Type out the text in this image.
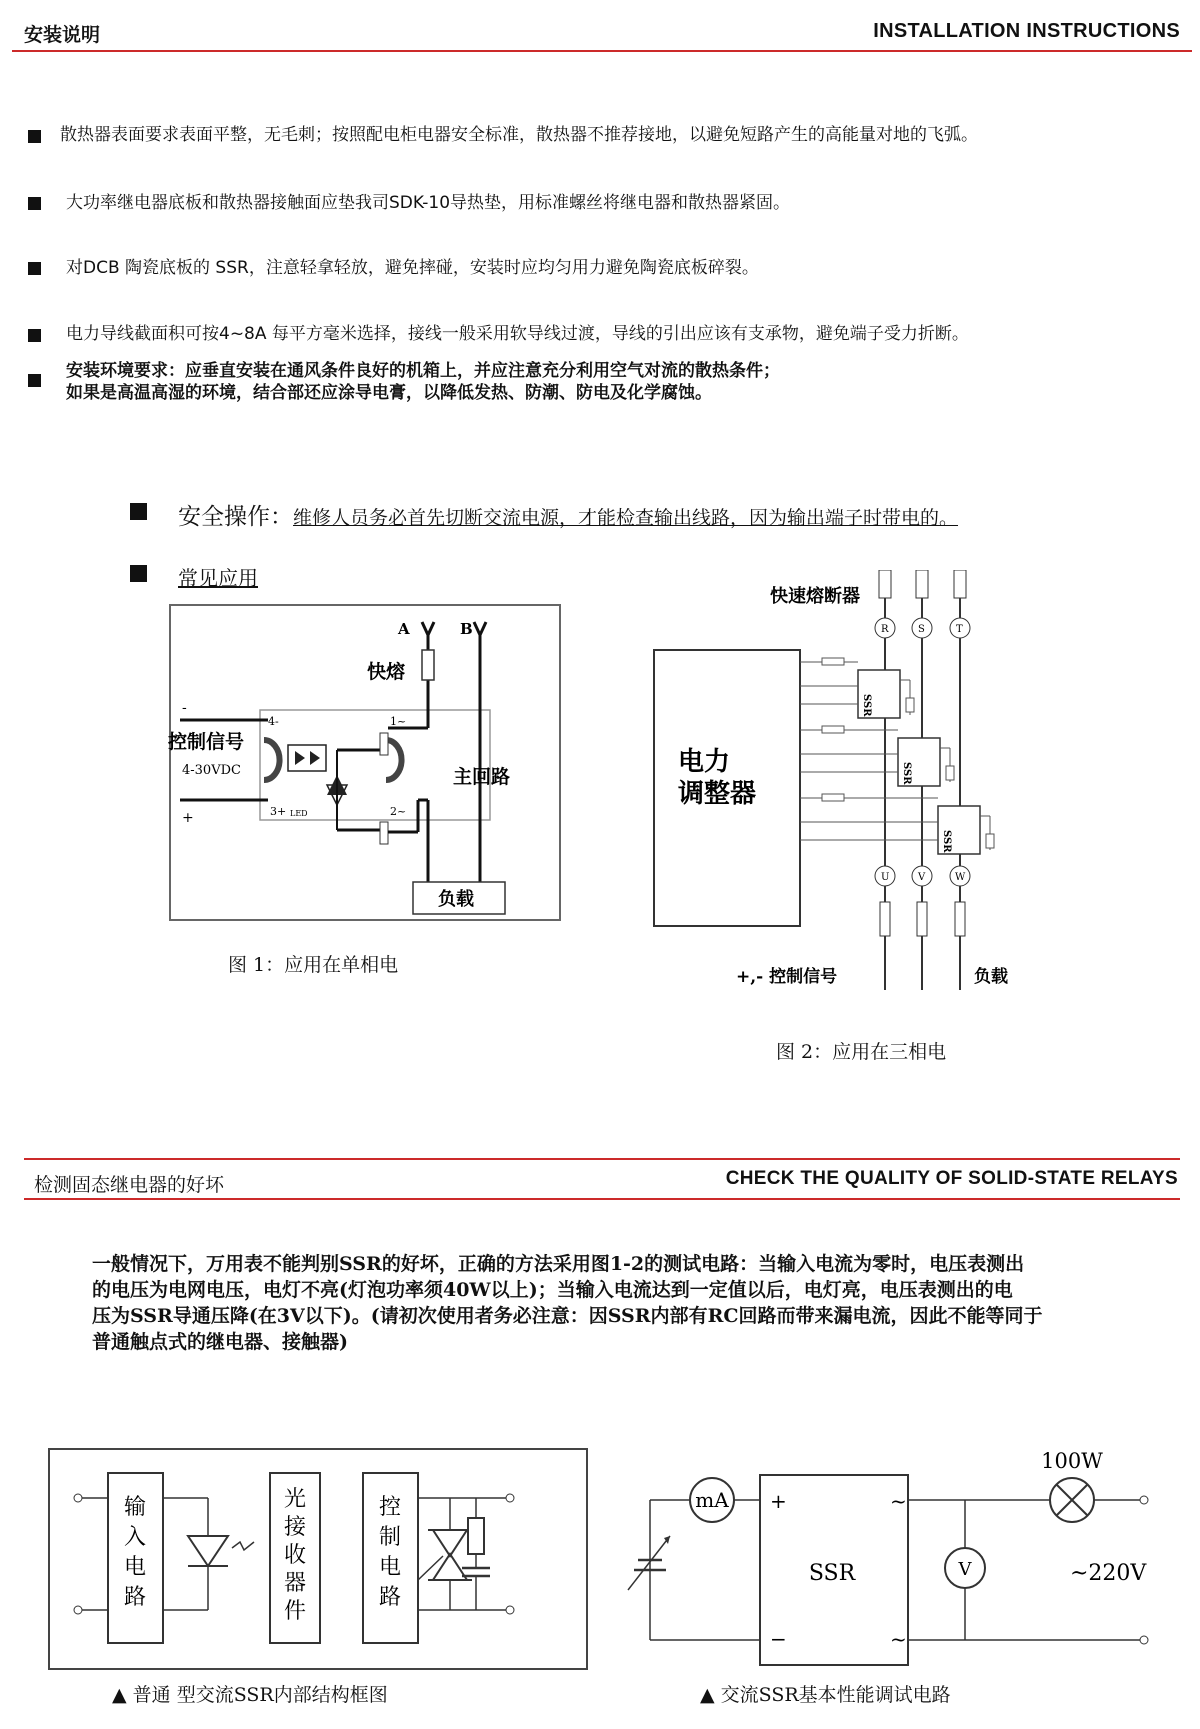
安装说明	INSTALLATION INSTRUCTIONS
散热器表面要求表面平整，无毛刺；按照配电柜电器安全标准，散热器不推荐接地，以避免短路产生的高能量对地的飞弧。
大功率继电器底板和散热器接触面应垫我司SDK-10导热垫，用标准螺丝将继电器和散热器紧固。
对DCB 陶瓷底板的 SSR，注意轻拿轻放，避免摔碰，安装时应均匀用力避免陶瓷底板碎裂。
电力导线截面积可按4~8A 每平方毫米选择，接线一般采用软导线过渡，导线的引出应该有支承物，避免端子受力折断。
安装环境要求：应垂直安装在通风条件良好的机箱上，并应注意充分利用空气对流的散热条件；
如果是高温高湿的环境，结合部还应涂导电膏，以降低发热、防潮、防电及化学腐蚀。
安全操作：维修人员务必首先切断交流电源，才能检查输出线路，因为输出端子时带电的。
常见应用
4-
3+ LED
1~
2~
-
+
控制信号
4-30VDC
A	B
快熔
主回路
负载
图 1：应用在单相电
快速熔断器
电力
调整器
R	S	T
SSR
SSR
SSR
U	V	W
+,- 控制信号	负载
图 2：应用在三相电
检测固态继电器的好坏	CHECK THE QUALITY OF SOLID-STATE RELAYS
一般情况下，万用表不能判别SSR的好坏，正确的方法采用图1-2的测试电路：当输入电流为零时，电压表测出
的电压为电网电压，电灯不亮(灯泡功率须40W以上)；当输入电流达到一定值以后，电灯亮，电压表测出的电
压为SSR导通压降(在3V以下)。(请初次使用者务必注意：因SSR内部有RC回路而带来漏电流，因此不能等同于
普通触点式的继电器、接触器)
输
入
电
路
光
接
收
器
件
控
制
电
路
▲ 普通 型交流SSR内部结构框图
mA
SSR
+
−
~
~
V
100W
~220V
▲ 交流SSR基本性能调试电路
